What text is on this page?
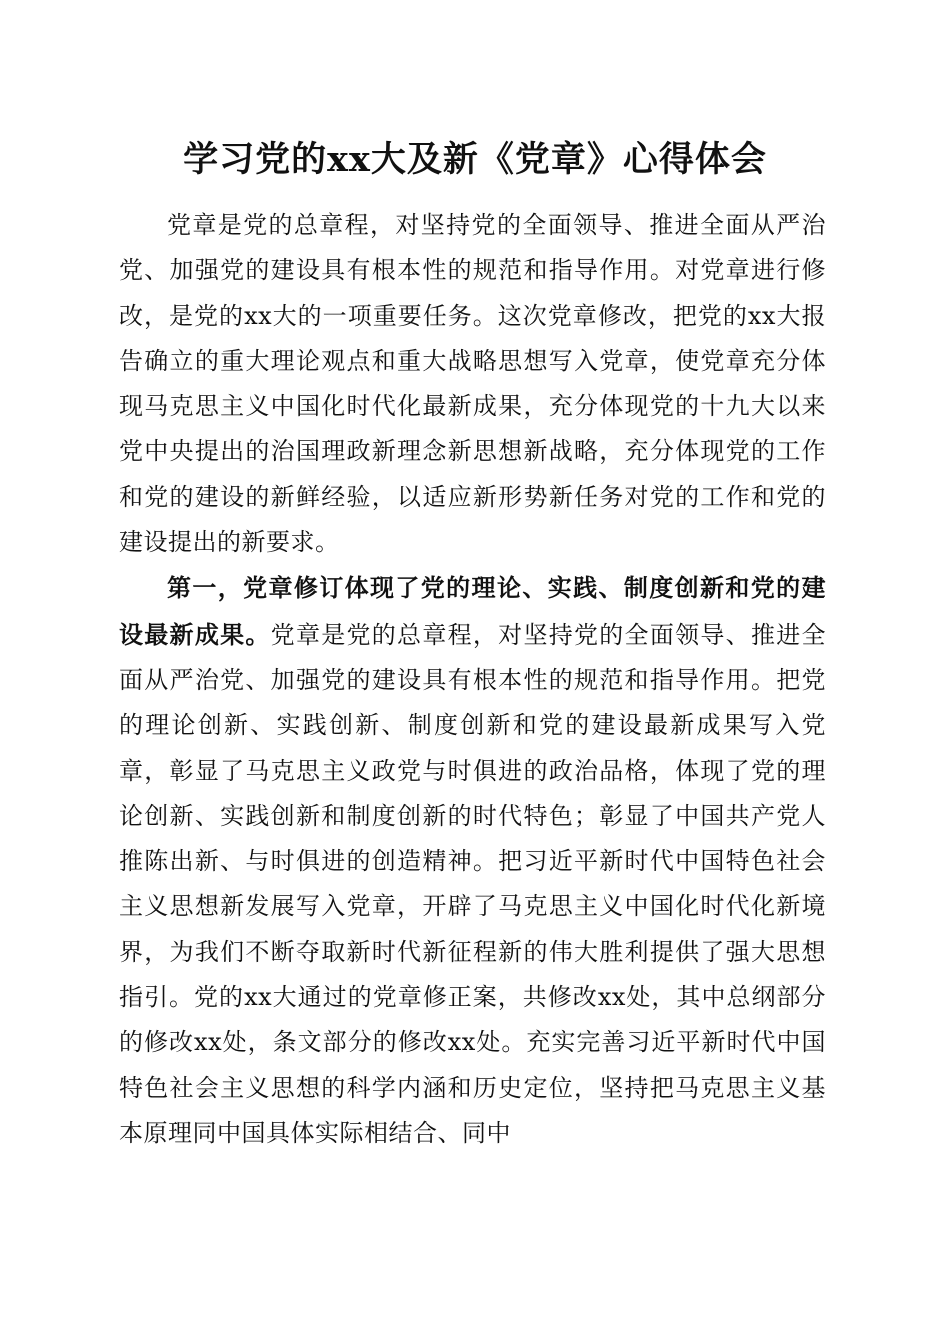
学习党的xx大及新《党章》心得体会

党章是党的总章程，对坚持党的全面领导、推进全面从严治党、加强党的建设具有根本性的规范和指导作用。对党章进行修改，是党的xx大的一项重要任务。这次党章修改，把党的xx大报告确立的重大理论观点和重大战略思想写入党章，使党章充分体现马克思主义中国化时代化最新成果，充分体现党的十九大以来党中央提出的治国理政新理念新思想新战略，充分体现党的工作和党的建设的新鲜经验，以适应新形势新任务对党的工作和党的建设提出的新要求。

第一，党章修订体现了党的理论、实践、制度创新和党的建设最新成果。党章是党的总章程，对坚持党的全面领导、推进全面从严治党、加强党的建设具有根本性的规范和指导作用。把党的理论创新、实践创新、制度创新和党的建设最新成果写入党章，彰显了马克思主义政党与时俱进的政治品格，体现了党的理论创新、实践创新和制度创新的时代特色；彰显了中国共产党人推陈出新、与时俱进的创造精神。把习近平新时代中国特色社会主义思想新发展写入党章，开辟了马克思主义中国化时代化新境界，为我们不断夺取新时代新征程新的伟大胜利提供了强大思想指引。党的xx大通过的党章修正案，共修改xx处，其中总纲部分的修改xx处，条文部分的修改xx处。充实完善习近平新时代中国特色社会主义思想的科学内涵和历史定位，坚持把马克思主义基本原理同中国具体实际相结合、同中
